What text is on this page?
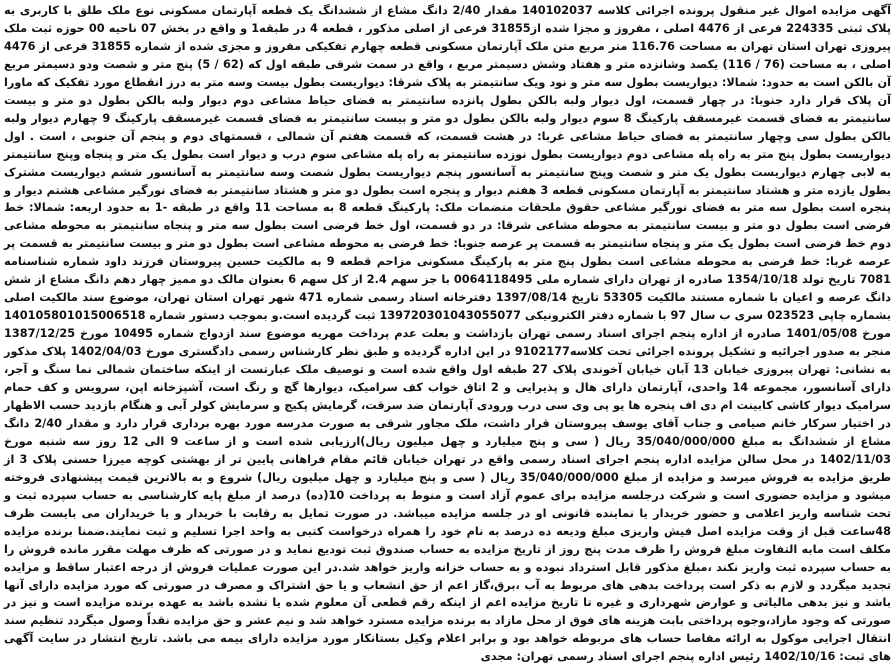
آگهی مزایده اموال غیر منقول پرونده اجرائی کلاسه 140102037 مقدار 2/40 دانگ مشاع از ششدانگ یک قطعه آپارتمان مسکونی نوع ملک طلق با کاربری به پلاک ثبتی 224335 فرعی از 4476 اصلی ، مفروز و مجزا شده از31855 فرعی از اصلی مذکور ، قطعه 4 در طبقه1 و واقع در بخش 07 ناحیه 00 حوزه ثبت ملک پیروزی تهران استان تهران به مساحت 116.76 متر مربع متن ملک آپارتمان مسکونی قطعه چهارم تفکیکی مفروز و مجزی شده از شماره 31855 فرعی از 4476 اصلی ، به مساحت (76 / 116) یکصد وشانزده متر و هفتاد وشش دسیمتر مربع ، واقع در سمت شرقی طبقه اول که (62 / 5) پنج متر و شصت ودو دسیمتر مربع آن بالکن است به حدود: شمالا: دیواریست بطول سه متر و نود ویک سانتیمتر به پلاک شرقا: دیواریست بطول بیست وسه متر به درز انقطاع مورد تفکیک که ماورا آن پلاک قرار دارد جنوبا: در چهار قسمت، اول دیوار ولبه بالکن بطول پانزده سانتیمتر به فضای حیاط مشاعی دوم دیوار ولبه بالکن بطول دو متر و بیست سانتیمتر به فضای قسمت غیرمسقف پارکینگ 8 سوم دیوار ولبه بالکن بطول دو متر و بیست سانتیمتر به فضای قسمت غیرمسقف پارکینگ 9 چهارم دیوار ولبه بالکن بطول سی وچهار سانتیمتر به فضای حیاط مشاعی غربا: در هشت قسمت، که قسمت هفتم آن شمالی ، قسمتهای دوم و پنجم آن جنوبی ، است . اول دیواریست بطول پنج متر به راه پله مشاعی دوم دیواریست بطول نوزده سانتیمتر به راه پله مشاعی سوم درب و دیوار است بطول یک متر و پنجاه وپنج سانتیمتر به لابی چهارم دیواریست بطول یک متر و شصت وپنج سانتیمتر به آسانسور پنجم دیواریست بطول شصت وسه سانتیمتر به آسانسور ششم دیواریست مشترک بطول یازده متر و هشتاد سانتیمتر به آپارتمان مسکونی قطعه 3 هفتم دیوار و پنجره است بطول دو متر و هشتاد سانتیمتر به فضای نورگیر مشاعی هشتم دیوار و پنجره است بطول سه متر به فضای نورگیر مشاعی حقوق ملحقات منضمات ملک: پارکینگ قطعه 8 به مساحت 11 واقع در طبقه -1 به حدود اربعه: شمالا: خط فرضی است بطول دو متر و بیست سانتیمتر به محوطه مشاعی شرقا: در دو قسمت، اول خط فرضی است بطول سه متر و پنجاه سانتیمتر به محوطه مشاعی دوم خط فرضی است بطول یک متر و پنجاه سانتیمتر به قسمت پر عرصه جنوبا: خط فرضی به محوطه مشاعی است بطول دو متر و بیست سانتیمتر به قسمت پر عرصه غربا: خط فرضی به محوطه مشاعی است بطول پنج متر به پارکینگ مسکونی مزاحم قطعه 9 به مالکیت حسین پیروستان فرزند داود شماره شناسنامه 7081 تاریخ تولد 1354/10/18 صادره از تهران دارای شماره ملی 0064118495 با جز سهم 2.4 از کل سهم 6 بعنوان مالک دو ممیز چهار دهم دانگ مشاع از شش دانگ عرصه و اعیان با شماره مستند مالکیت 53305 تاریخ 1397/08/14 دفترخانه اسناد رسمی شماره 471 شهر تهران استان تهران، موضوع سند مالکیت اصلی بشماره چاپی 023523 سری ب سال 97 با شماره دفتر الکترونیکی 139720301043055077 ثبت گردیده است.و بموجب دستور شماره 140105801015006518 مورخ 1401/05/08 صادره از اداره پنجم اجرای اسناد رسمی تهران بازداشت و بعلت عدم پرداخت مهریه موضوع سند ازدواج شماره 10495 مورخ 1387/12/25 منجر به صدور اجرائیه و تشکیل پرونده اجرائی تحت کلاسه9102177 در این اداره گردیده و طبق نظر کارشناس رسمی دادگستری مورخ 1402/04/03 پلاک مذکور به نشانی: تهران پیروزی خیابان 13 آبان خیابان آخوندی پلاک 27 طبقه اول واقع شده است و توصیف ملک عبارتست از اینکه ساختمان شمالی نما سنگ و آجر، دارای آسانسور، مجموعه 14 واحدی، آپارتمان دارای هال و پذیرایی و 2 اتاق خواب کف سرامیک، دیوارها گچ و رنگ است، آشپزخانه اپن، سرویس و کف حمام سرامیک دیوار کاشی کابینت ام دی اف پنجره ها یو پی وی سی درب ورودی آپارتمان ضد سرقت، گرمایش پکیج و سرمایش کولر آبی و هنگام بازدید حسب الاظهار در اختیار سرکار خانم صیامی و جناب آقای یوسف پیروستان قرار داشت، ملک مجاور شرقی به صورت مدرسه مورد بهره برداری قرار دارد و مقدار 2/40 دانگ مشاع از ششدانگ به مبلغ 35/040/000/000 ریال ( سی و پنج میلیارد و چهل میلیون ریال)ارزیابی شده است و از ساعت 9 الی 12 روز سه شنبه مورخ 1402/11/03 در محل سالن مزایده اداره پنجم اجرای اسناد رسمی واقع در تهران خیابان قائم مقام فراهانی پایین تر از بهشتی کوچه میرزا حسنی پلاک 3 از طریق مزایده به فروش میرسد و مزایده از مبلغ 35/040/000/000 ریال ( سی و پنج میلیارد و چهل میلیون ریال) شروع و به بالاترین قیمت پیشنهادی فروخته میشود و مزایده حضوری است و شرکت درجلسه مزایده برای عموم آزاد است و منوط به پرداخت 10(ده) درصد از مبلغ پایه کارشناسی به حساب سپرده ثبت و تحت شناسه واریز اعلامی و حضور خریدار یا نماینده قانونی او در جلسه مزایده میباشد. در صورت تمایل به رقابت با خریدار و یا خریداران می بایست ظرف 48ساعت قبل از وقت مزایده اصل فیش واریزی مبلغ ودیعه ده درصد به نام خود را همراه درخواست کتبی به واحد اجرا تسلیم و ثبت نمایند.ضمنا برنده مزایده مکلف است مابه التفاوت مبلغ فروش را ظرف مدت پنج روز از تاریخ مزایده به حساب صندوق ثبت تودیع نماید و در صورتی که ظرف مهلت مقرر مانده فروش را به حساب سپرده ثبت واریز نکند ،مبلغ مذکور قابل استرداد نبوده و به حساب خزانه واریز خواهد شد.در این صورت عملیات فروش از درجه اعتبار ساقط و مزایده تجدید میگردد و لازم به ذکر است پرداخت بدهی های مربوط به آب ،برق،گاز اعم از حق انشعاب و یا حق اشتراک و مصرف در صورتی که مورد مزایده دارای آنها باشد و نیز بدهی مالیاتی و عوارض شهرداری و غیره تا تاریخ مزایده اعم از اینکه رقم قطعی آن معلوم شده یا نشده باشد به عهده برنده مزایده است و نیز در صورتی که وجود مازاد،وجوه پرداختی بابت هزینه های فوق از محل مازاد به برنده مزایده مسترد خواهد شد و نیم عشر و حق مزایده نقداً وصول میگردد تنظیم سند انتقال اجرایی موکول به ارائه مفاصا حساب های مربوطه خواهد بود و برابر اعلام وکیل بستانکار مورد مزایده دارای بیمه می باشد. تاریخ انتشار در سایت آگهی های ثبت: 1402/10/16 رئیس اداره پنجم اجرای اسناد رسمی تهران: مجدی
